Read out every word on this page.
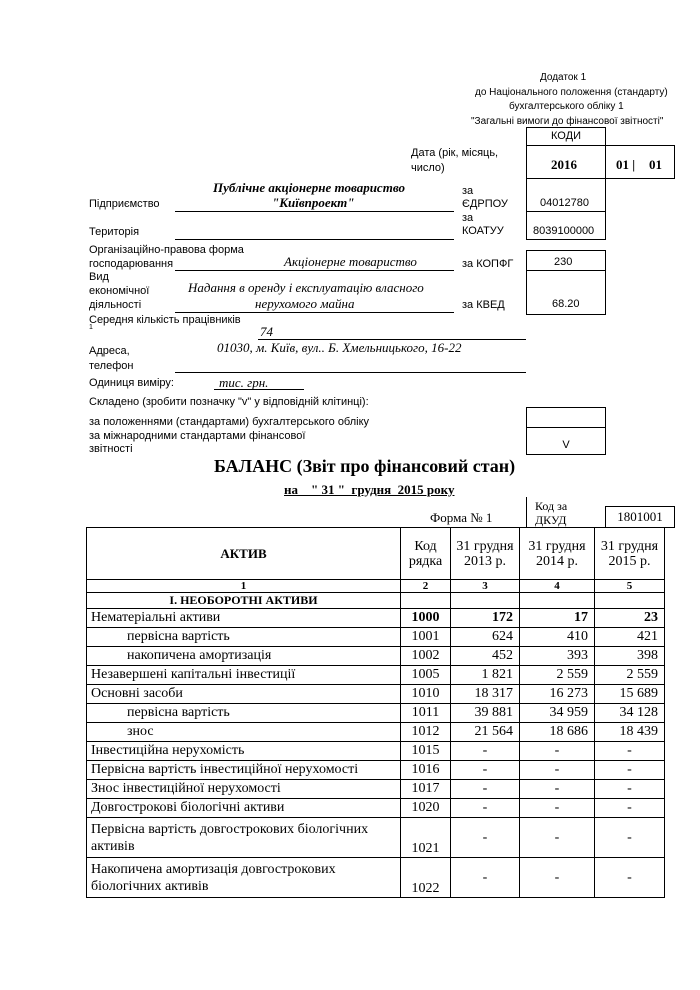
Додаток 1
до Національного положення (стандарту)
бухгалтерського обліку 1
"Загальні вимоги до фінансової звітності"
КОДИ
Дата (рік, місяць,
число)	2016	01 | 01
Підприємство
Публічне акціонерне товариство
"Київпроект"
за
ЄДРПОУ	04012780
Територія
за
КОАТУУ	8039100000
Організаційно-правова форма
господарювання	Акціонерне товариство	за КОПФГ	230
Вид
економічної
діяльності
Надання в оренду і експлуатацію власного
нерухомого майна	за КВЕД	68.20
Середня кількість працівників
1	74
Адреса,
телефон
01030, м. Київ, вул.. Б. Хмельницького, 16-22
Одиниця виміру:	тис. грн.
Складено (зробити позначку "v" у відповідній клітинці):
за положеннями (стандартами) бухгалтерського обліку
за міжнародними стандартами фінансової
звітності	V
БАЛАНС (Звіт про фінансовий стан)
на    " 31 "  грудня  2015 року
Форма № 1
Код за
ДКУД	1801001
АКТИВ	Код рядка	31 грудня 2013 р.	31 грудня 2014 р.	31 грудня 2015 р.
1	2	3	4	5
І. НЕОБОРОТНІ АКТИВИ				
Нематеріальні активи	1000	172	17	23
первісна вартість	1001	624	410	421
накопичена амортизація	1002	452	393	398
Незавершені капітальні інвестиції	1005	1 821	2 559	2 559
Основні засоби	1010	18 317	16 273	15 689
первісна вартість	1011	39 881	34 959	34 128
знос	1012	21 564	18 686	18 439
Інвестиційна нерухомість	1015	-	-	-
Первісна вартість інвестиційної нерухомості	1016	-	-	-
Знос інвестиційної нерухомості	1017	-	-	-
Довгострокові біологічні активи	1020	-	-	-
Первісна вартість довгострокових біологічних
активів	1021	-	-	-
Накопичена амортизація довгострокових
біологічних активів	1022	-	-	-
